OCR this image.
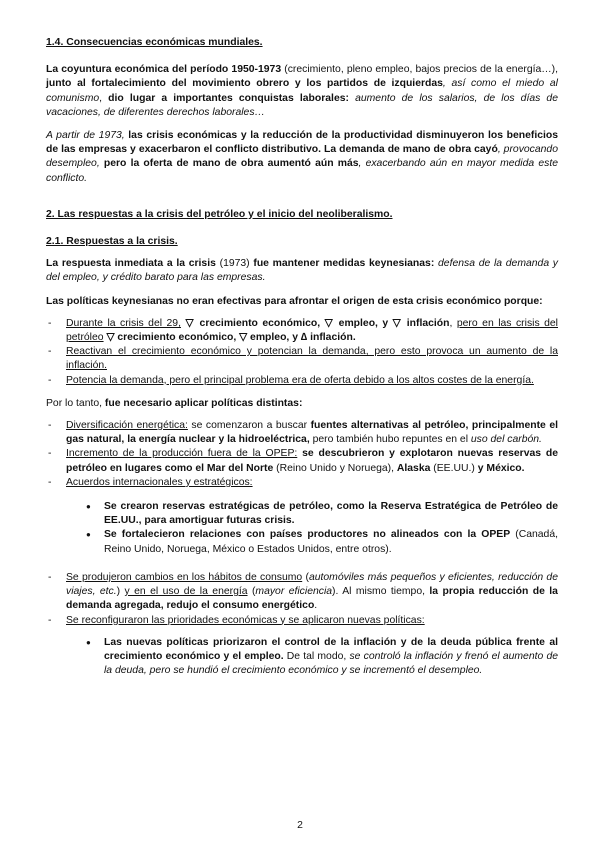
1.4. Consecuencias económicas mundiales.

La coyuntura económica del período 1950-1973 (crecimiento, pleno empleo, bajos precios de la energía…), junto al fortalecimiento del movimiento obrero y los partidos de izquierdas, así como el miedo al comunismo, dio lugar a importantes conquistas laborales: aumento de los salarios, de los días de vacaciones, de diferentes derechos laborales…

A partir de 1973, las crisis económicas y la reducción de la productividad disminuyeron los beneficios de las empresas y exacerbaron el conflicto distributivo. La demanda de mano de obra cayó, provocando desempleo, pero la oferta de mano de obra aumentó aún más, exacerbando aún en mayor medida este conflicto.

2. Las respuestas a la crisis del petróleo y el inicio del neoliberalismo.

2.1. Respuestas a la crisis.

La respuesta inmediata a la crisis (1973) fue mantener medidas keynesianas: defensa de la demanda y del empleo, y crédito barato para las empresas.

Las políticas keynesianas no eran efectivas para afrontar el origen de esta crisis económico porque:

- Durante la crisis del 29, ▽ crecimiento económico, ▽ empleo, y ▽ inflación, pero en las crisis del petróleo ▽ crecimiento económico, ▽ empleo, y ∆ inflación.
- Reactivan el crecimiento económico y potencian la demanda, pero esto provoca un aumento de la inflación.
- Potencia la demanda, pero el principal problema era de oferta debido a los altos costes de la energía.

Por lo tanto, fue necesario aplicar políticas distintas:

- Diversificación energética: se comenzaron a buscar fuentes alternativas al petróleo, principalmente el gas natural, la energía nuclear y la hidroeléctrica, pero también hubo repuntes en el uso del carbón.
- Incremento de la producción fuera de la OPEP: se descubrieron y explotaron nuevas reservas de petróleo en lugares como el Mar del Norte (Reino Unido y Noruega), Alaska (EE.UU.) y México.
- Acuerdos internacionales y estratégicos:
● Se crearon reservas estratégicas de petróleo, como la Reserva Estratégica de Petróleo de EE.UU., para amortiguar futuras crisis.
● Se fortalecieron relaciones con países productores no alineados con la OPEP (Canadá, Reino Unido, Noruega, México o Estados Unidos, entre otros).
- Se produjeron cambios en los hábitos de consumo (automóviles más pequeños y eficientes, reducción de viajes, etc.) y en el uso de la energía (mayor eficiencia). Al mismo tiempo, la propia reducción de la demanda agregada, redujo el consumo energético.
- Se reconfiguraron las prioridades económicas y se aplicaron nuevas políticas:
● Las nuevas políticas priorizaron el control de la inflación y de la deuda pública frente al crecimiento económico y el empleo. De tal modo, se controló la inflación y frenó el aumento de la deuda, pero se hundió el crecimiento económico y se incrementó el desempleo.
2
